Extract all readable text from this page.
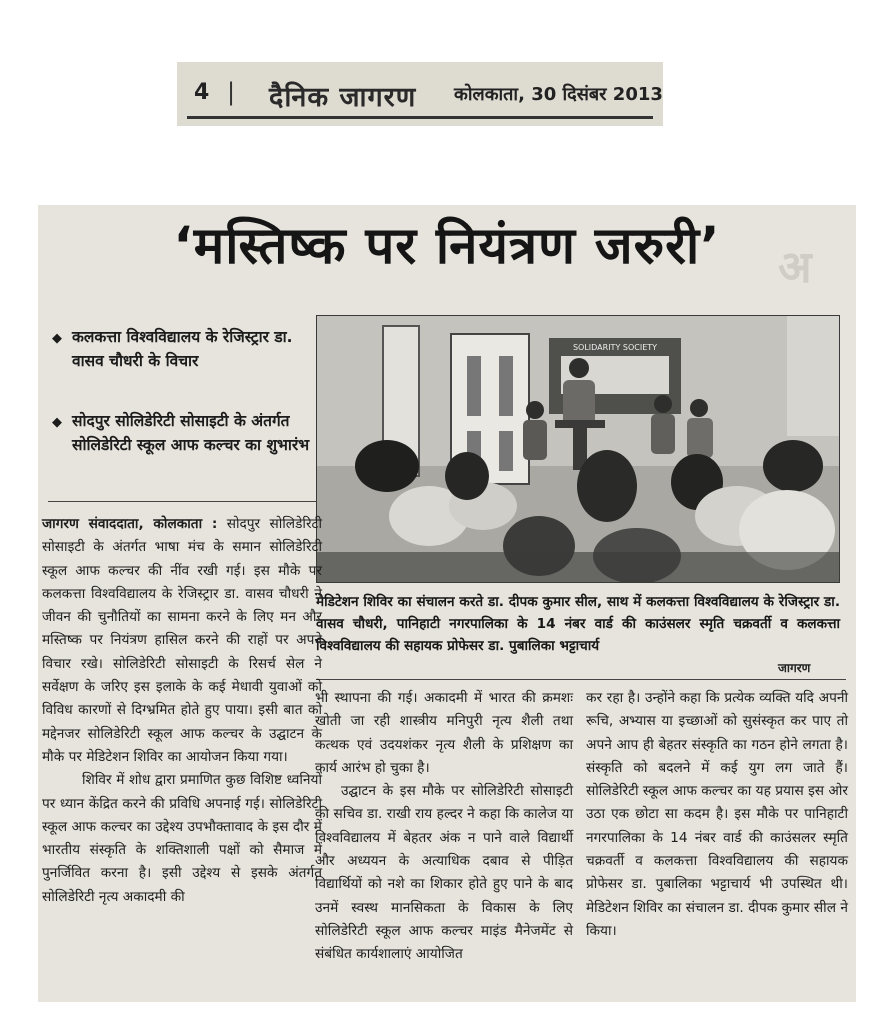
4 | दैनिक जागरण कोलकाता, 30 दिसंबर 2013
अ
‘मस्तिष्क पर नियंत्रण जरुरी’
◆ कलकत्ता विश्वविद्यालय के रेजिस्ट्रार डा. वासव चौधरी के विचार
◆ सोदपुर सोलिडेरिटी सोसाइटी के अंतर्गत सोलिडेरिटी स्कूल आफ कल्चर का शुभारंभ
SOLIDARITY SOCIETY
मेडिटेशन शिविर का संचालन करते डा. दीपक कुमार सील, साथ में कलकत्ता विश्वविद्यालय के रेजिस्ट्रार डा. वासव चौधरी, पानिहाटी नगरपालिका के 14 नंबर वार्ड की काउंसलर स्मृति चक्रवर्ती व कलकत्ता विश्वविद्यालय की सहायक प्रोफेसर डा. पुबालिका भट्टाचार्य
जागरण

जागरण संवाददाता, कोलकाता : सोदपुर सोलिडेरिटी सोसाइटी के अंतर्गत भाषा मंच के समान सोलिडेरिटी स्कूल आफ कल्चर की नींव रखी गई। इस मौके पर कलकत्ता विश्वविद्यालय के रेजिस्ट्रार डा. वासव चौधरी ने जीवन की चुनौतियों का सामना करने के लिए मन और मस्तिष्क पर नियंत्रण हासिल करने की राहों पर अपने विचार रखे। सोलिडेरिटी सोसाइटी के रिसर्च सेल ने सर्वेक्षण के जरिए इस इलाके के कई मेधावी युवाओं को विविध कारणों से दिग्भ्रमित होते हुए पाया। इसी बात को मद्देनजर सोलिडेरिटी स्कूल आफ कल्चर के उद्घाटन के मौके पर मेडिटेशन शिविर का आयोजन किया गया।

शिविर में शोध द्वारा प्रमाणित कुछ विशिष्ट ध्वनियों पर ध्यान केंद्रित करने की प्रविधि अपनाई गई। सोलिडेरिटी स्कूल आफ कल्चर का उद्देश्य उपभौक्तावाद के इस दौर में भारतीय संस्कृति के शक्तिशाली पक्षों को सैमाज में पुनर्जिवित करना है। इसी उद्देश्य से इसके अंतर्गत सोलिडेरिटी नृत्य अकादमी की

भी स्थापना की गई। अकादमी में भारत की क्रमशः खोती जा रही शास्त्रीय मनिपुरी नृत्य शैली तथा कत्थक एवं उदयशंकर नृत्य शैली के प्रशिक्षण का कार्य आरंभ हो चुका है।

उद्घाटन के इस मौके पर सोलिडेरिटी सोसाइटी की सचिव डा. राखी राय हल्दर ने कहा कि कालेज या विश्वविद्यालय में बेहतर अंक न पाने वाले विद्यार्थी और अध्ययन के अत्याधिक दबाव से पीड़ित विद्यार्थियों को नशे का शिकार होते हुए पाने के बाद उनमें स्वस्थ मानसिकता के विकास के लिए सोलिडेरिटी स्कूल आफ कल्चर माइंड मैनेजमेंट से संबंधित कार्यशालाएं आयोजित

कर रहा है। उन्होंने कहा कि प्रत्येक व्यक्ति यदि अपनी रूचि, अभ्यास या इच्छाओं को सुसंस्कृत कर पाए तो अपने आप ही बेहतर संस्कृति का गठन होने लगता है। संस्कृति को बदलने में कई युग लग जाते हैं। सोलिडेरिटी स्कूल आफ कल्चर का यह प्रयास इस ओर उठा एक छोटा सा कदम है। इस मौके पर पानिहाटी नगरपालिका के 14 नंबर वार्ड की काउंसलर स्मृति चक्रवर्ती व कलकत्ता विश्वविद्यालय की सहायक प्रोफेसर डा. पुबालिका भट्टाचार्य भी उपस्थित थी। मेडिटेशन शिविर का संचालन डा. दीपक कुमार सील ने किया।
